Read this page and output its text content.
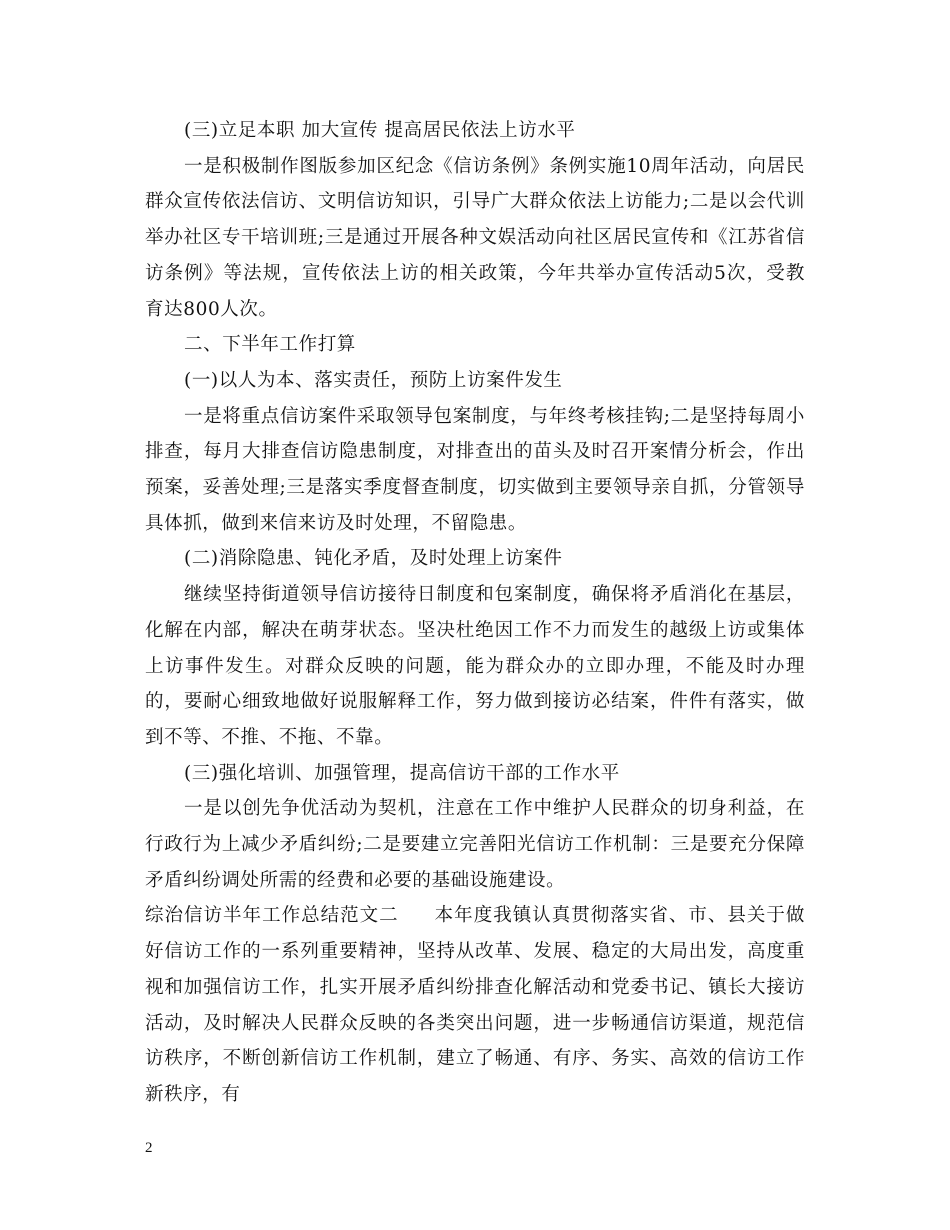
(三)立足本职 加大宣传 提高居民依法上访水平

一是积极制作图版参加区纪念《信访条例》条例实施10周年活动，向居民群众宣传依法信访、文明信访知识，引导广大群众依法上访能力;二是以会代训举办社区专干培训班;三是通过开展各种文娱活动向社区居民宣传和《江苏省信访条例》等法规，宣传依法上访的相关政策，今年共举办宣传活动5次，受教育达800人次。

二、下半年工作打算

(一)以人为本、落实责任，预防上访案件发生

一是将重点信访案件采取领导包案制度，与年终考核挂钩;二是坚持每周小排查，每月大排查信访隐患制度，对排查出的苗头及时召开案情分析会，作出预案，妥善处理;三是落实季度督查制度，切实做到主要领导亲自抓，分管领导具体抓，做到来信来访及时处理，不留隐患。

(二)消除隐患、钝化矛盾，及时处理上访案件

继续坚持街道领导信访接待日制度和包案制度，确保将矛盾消化在基层，化解在内部，解决在萌芽状态。坚决杜绝因工作不力而发生的越级上访或集体上访事件发生。对群众反映的问题，能为群众办的立即办理，不能及时办理的，要耐心细致地做好说服解释工作，努力做到接访必结案，件件有落实，做到不等、不推、不拖、不靠。

(三)强化培训、加强管理，提高信访干部的工作水平

一是以创先争优活动为契机，注意在工作中维护人民群众的切身利益，在行政行为上减少矛盾纠纷;二是要建立完善阳光信访工作机制：三是要充分保障矛盾纠纷调处所需的经费和必要的基础设施建设。

综治信访半年工作总结范文二 本年度我镇认真贯彻落实省、市、县关于做好信访工作的一系列重要精神，坚持从改革、发展、稳定的大局出发，高度重视和加强信访工作，扎实开展矛盾纠纷排查化解活动和党委书记、镇长大接访活动，及时解决人民群众反映的各类突出问题，进一步畅通信访渠道，规范信访秩序，不断创新信访工作机制，建立了畅通、有序、务实、高效的信访工作新秩序，有

2
